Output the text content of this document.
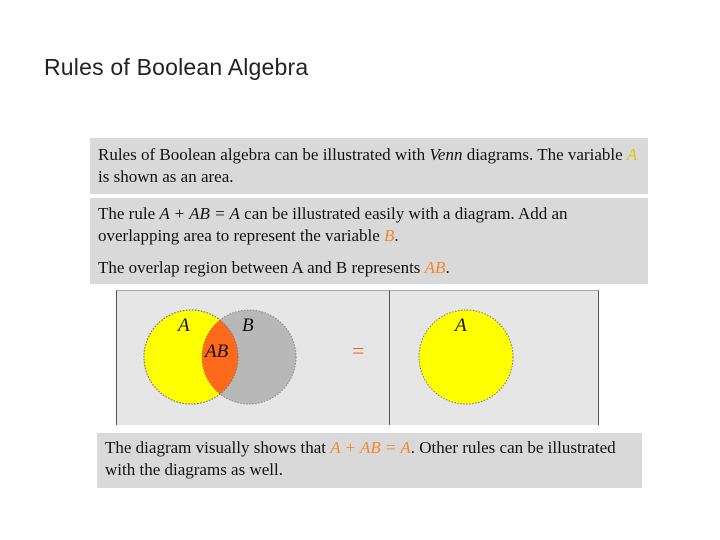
Rules of Boolean Algebra
Rules of Boolean algebra can be illustrated with Venn diagrams. The variable A is shown as an area.

The rule A + AB = A can be illustrated easily with a diagram. Add an overlapping area to represent the variable B.

The overlap region between A and B represents AB.

A	B
AB
A
=
The diagram visually shows that A + AB = A. Other rules can be illustrated with the diagrams as well.
